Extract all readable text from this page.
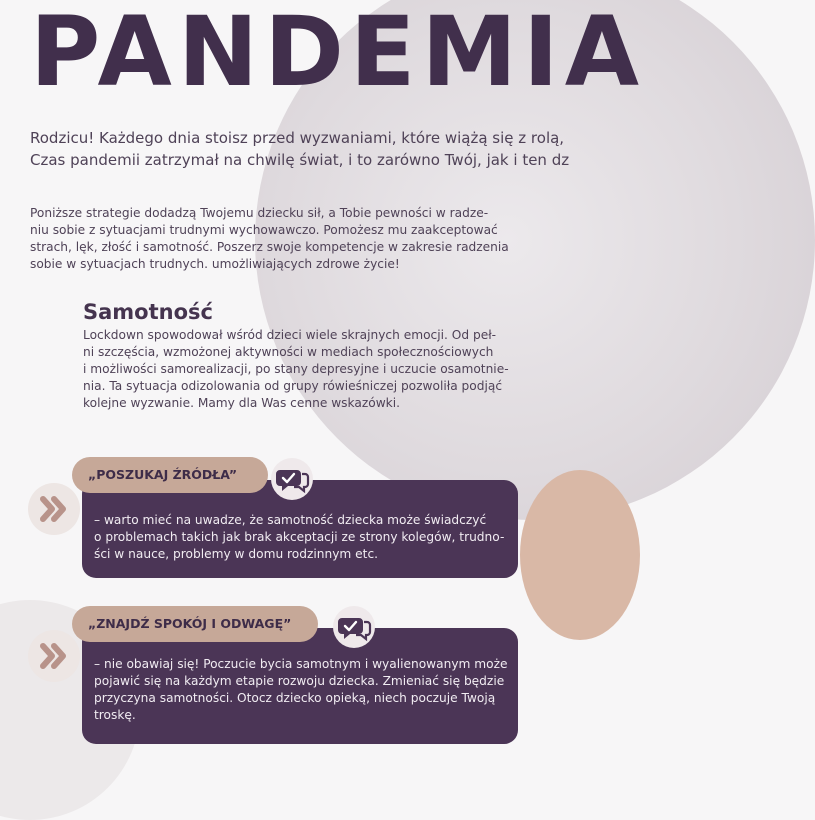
PANDEMIA
Rodzicu! Każdego dnia stoisz przed wyzwaniami, które wiążą się z rolą,
Czas pandemii zatrzymał na chwilę świat, i to zarówno Twój, jak i ten dz
Poniższe strategie dodadzą Twojemu dziecku sił, a Tobie pewności w radze-
niu sobie z sytuacjami trudnymi wychowawczo. Pomożesz mu zaakceptować
strach, lęk, złość i samotność. Poszerz swoje kompetencje w zakresie radzenia
sobie w sytuacjach trudnych. umożliwiających zdrowe życie!
Samotność
Lockdown spowodował wśród dzieci wiele skrajnych emocji. Od peł-
ni szczęścia, wzmożonej aktywności w mediach społecznościowych
i możliwości samorealizacji, po stany depresyjne i uczucie osamotnie-
nia. Ta sytuacja odizolowania od grupy rówieśniczej pozwoliła podjąć
kolejne wyzwanie. Mamy dla Was cenne wskazówki.
– warto mieć na uwadze, że samotność dziecka może świadczyć
o problemach takich jak brak akceptacji ze strony kolegów, trudno-
ści w nauce, problemy w domu rodzinnym etc.
„POSZUKAJ ŹRÓDŁA”
– nie obawiaj się! Poczucie bycia samotnym i wyalienowanym może
pojawić się na każdym etapie rozwoju dziecka. Zmieniać się będzie
przyczyna samotności. Otocz dziecko opieką, niech poczuje Twoją
troskę.
„ZNAJDŹ SPOKÓJ I ODWAGĘ”
